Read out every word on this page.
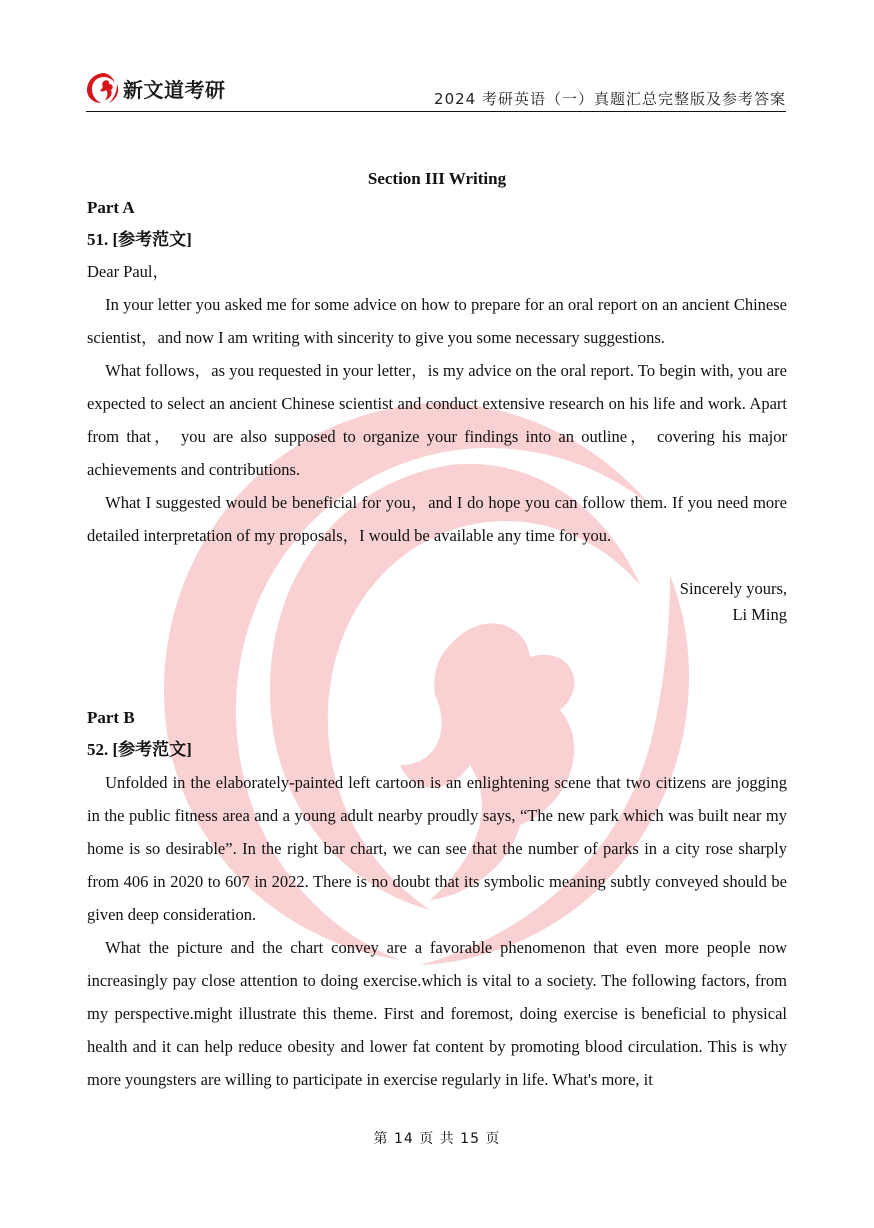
新文道考研	2024 考研英语（一）真题汇总完整版及参考答案
Section III Writing
Part A
51. [参考范文]
Dear Paul，

In your letter you asked me for some advice on how to prepare for an oral report on an ancient Chinese scientist，and now I am writing with sincerity to give you some necessary suggestions.

What follows，as you requested in your letter，is my advice on the oral report. To begin with, you are expected to select an ancient Chinese scientist and conduct extensive research on his life and work. Apart from that， you are also supposed to organize your findings into an outline， covering his major achievements and contributions.

What I suggested would be beneficial for you，and I do hope you can follow them. If you need more detailed interpretation of my proposals，I would be available any time for you.

Sincerely yours,
Li Ming
Part B
52. [参考范文]

Unfolded in the elaborately-painted left cartoon is an enlightening scene that two citizens are jogging in the public fitness area and a young adult nearby proudly says, “The new park which was built near my home is so desirable”. In the right bar chart, we can see that the number of parks in a city rose sharply from 406 in 2020 to 607 in 2022. There is no doubt that its symbolic meaning subtly conveyed should be given deep consideration.

What the picture and the chart convey are a favorable phenomenon that even more people now increasingly pay close attention to doing exercise.which is vital to a society. The following factors, from my perspective.might illustrate this theme. First and foremost, doing exercise is beneficial to physical health and it can help reduce obesity and lower fat content by promoting blood circulation. This is why more youngsters are willing to participate in exercise regularly in life. What's more, it

第 14 页 共 15 页
